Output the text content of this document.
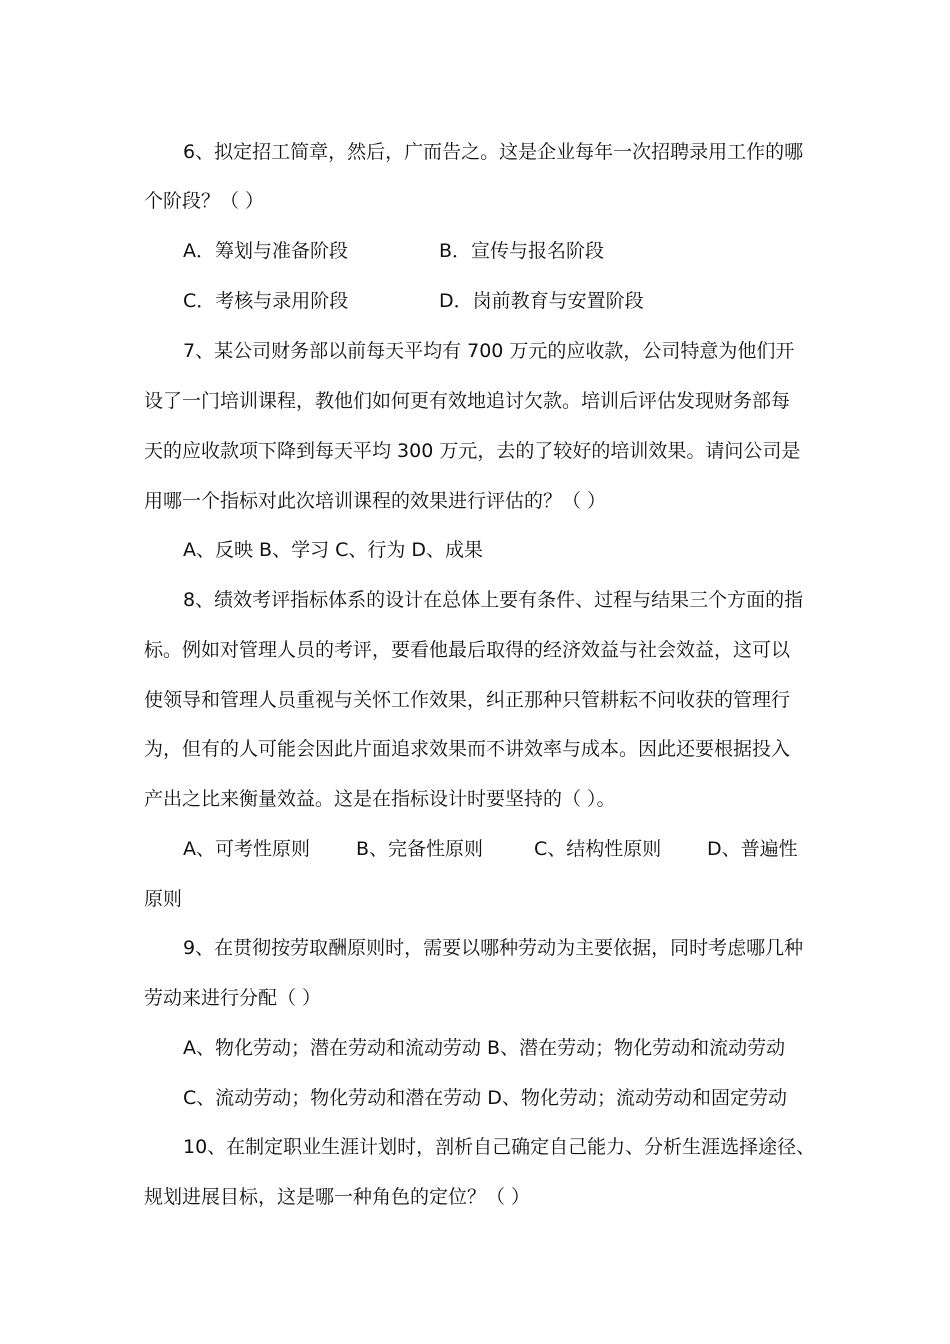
6、拟定招工简章，然后，广而告之。这是企业每年一次招聘录用工作的哪
个阶段？（ ）
A．筹划与准备阶段	B．宣传与报名阶段
C．考核与录用阶段	D．岗前教育与安置阶段
7、某公司财务部以前每天平均有 700 万元的应收款，公司特意为他们开
设了一门培训课程，教他们如何更有效地追讨欠款。培训后评估发现财务部每
天的应收款项下降到每天平均 300 万元，去的了较好的培训效果。请问公司是
用哪一个指标对此次培训课程的效果进行评估的？（ ）
A、反映 B、学习 C、行为 D、成果
8、绩效考评指标体系的设计在总体上要有条件、过程与结果三个方面的指
标。例如对管理人员的考评，要看他最后取得的经济效益与社会效益，这可以
使领导和管理人员重视与关怀工作效果，纠正那种只管耕耘不问收获的管理行
为，但有的人可能会因此片面追求效果而不讲效率与成本。因此还要根据投入
产出之比来衡量效益。这是在指标设计时要坚持的（ ）。
A、可考性原则 B、完备性原则	C、结构性原则 D、普遍性
原则
9、在贯彻按劳取酬原则时，需要以哪种劳动为主要依据，同时考虑哪几种
劳动来进行分配（ ）
A、物化劳动；潜在劳动和流动劳动 B、潜在劳动；物化劳动和流动劳动
C、流动劳动；物化劳动和潜在劳动 D、物化劳动；流动劳动和固定劳动
10、在制定职业生涯计划时，剖析自己确定自己能力、分析生涯选择途径、
规划进展目标，这是哪一种角色的定位？（ ）
